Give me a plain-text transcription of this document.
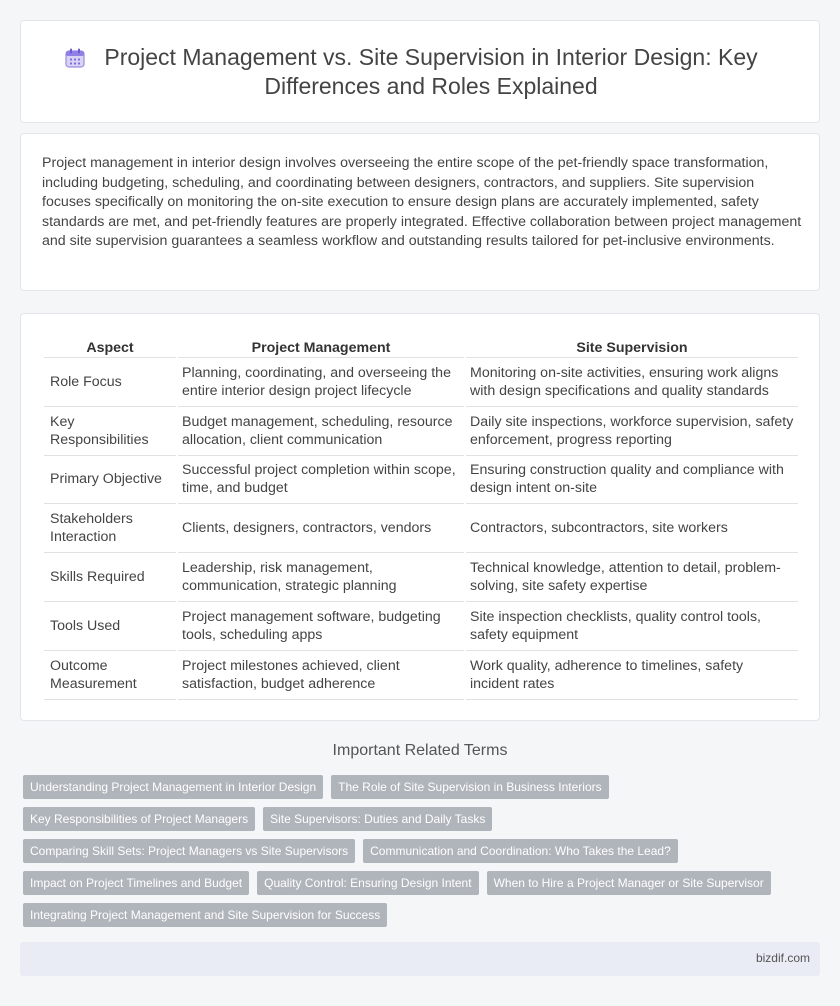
Project Management vs. Site Supervision in Interior Design: Key Differences and Roles Explained

Project management in interior design involves overseeing the entire scope of the pet-friendly space transformation, including budgeting, scheduling, and coordinating between designers, contractors, and suppliers. Site supervision focuses specifically on monitoring the on-site execution to ensure design plans are accurately implemented, safety standards are met, and pet-friendly features are properly integrated. Effective collaboration between project management and site supervision guarantees a seamless workflow and outstanding results tailored for pet-inclusive environments.

Aspect	Project Management	Site Supervision
Role Focus	Planning, coordinating, and overseeing the entire interior design project lifecycle	Monitoring on-site activities, ensuring work aligns with design specifications and quality standards
Key Responsibilities	Budget management, scheduling, resource allocation, client communication	Daily site inspections, workforce supervision, safety enforcement, progress reporting
Primary Objective	Successful project completion within scope, time, and budget	Ensuring construction quality and compliance with design intent on-site
Stakeholders Interaction	Clients, designers, contractors, vendors	Contractors, subcontractors, site workers
Skills Required	Leadership, risk management, communication, strategic planning	Technical knowledge, attention to detail, problem-solving, site safety expertise
Tools Used	Project management software, budgeting tools, scheduling apps	Site inspection checklists, quality control tools, safety equipment
Outcome Measurement	Project milestones achieved, client satisfaction, budget adherence	Work quality, adherence to timelines, safety incident rates
Important Related Terms
Understanding Project Management in Interior Design	The Role of Site Supervision in Business Interiors
Key Responsibilities of Project Managers	Site Supervisors: Duties and Daily Tasks
Comparing Skill Sets: Project Managers vs Site Supervisors	Communication and Coordination: Who Takes the Lead?
Impact on Project Timelines and Budget	Quality Control: Ensuring Design Intent	When to Hire a Project Manager or Site Supervisor
Integrating Project Management and Site Supervision for Success
bizdif.com
